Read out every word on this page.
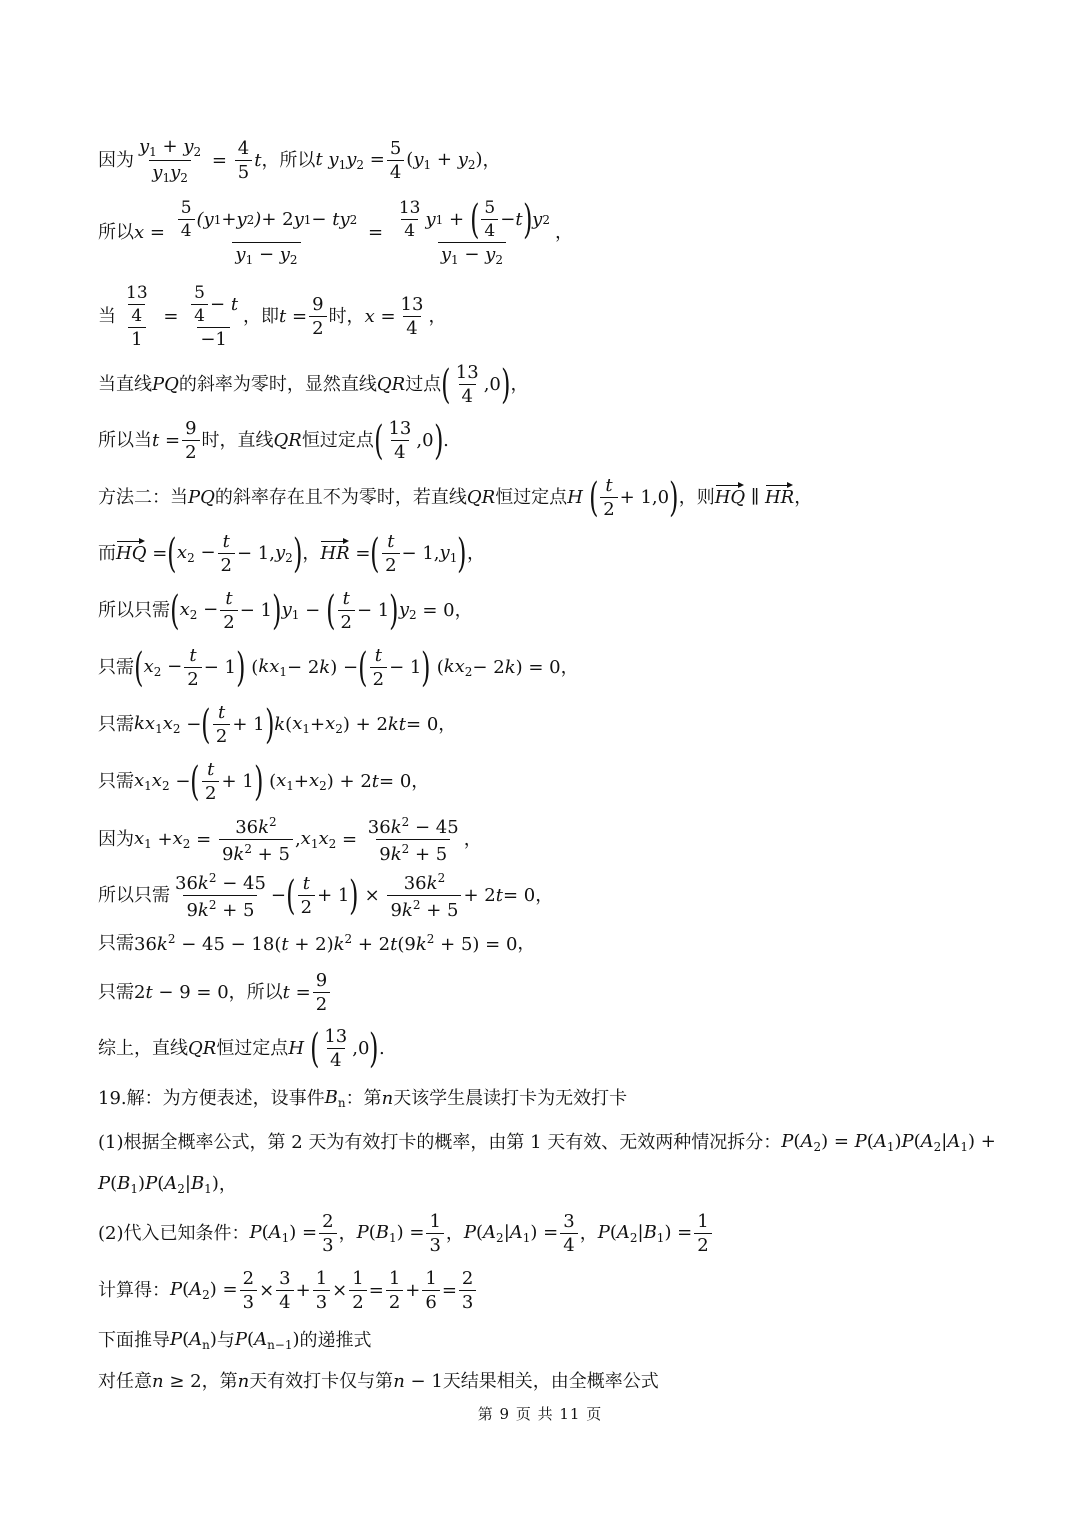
因为 $\frac{y_1 + y_2}{y_1y_2} = \frac{4}{5}$ t ，所以 t $y_1y_2 = \frac{5}{4} (y_1 + y_2)$ ，
所以 $x = \frac{\frac{5}{4} (y 1 + y 2 ) + 2 y 1 - ty 2}{y_1 - y_2} = \frac{\frac{13}{4} y 1 + ( \frac{5}{4} - t ) y 2}{y_1 - y_2}$ ，
当 $\frac{\frac{13}{4}}{1} = \frac{\frac{5}{4} - t}{-1}$ ，即 $t = \frac{9}{2}$ 时， $x = \frac{13}{4}$ ，
当直线 PQ 的斜率为零时，显然直线 QR 过点 ( $\frac{13}{4} ,0$ ) ，
所以当 $t = \frac{9}{2}$ 时，直线 QR 恒过定点 ( $\frac{13}{4} ,0$ ) .
方法二：当 PQ 的斜率存在且不为零时，若直线 QR 恒过定点 H ( $\frac{t}{2} + 1,0$ ) ，则 HQ ∥ HR ，
而 HQ = ( $x_2 - \frac{t}{2} - 1$, $y_2$ ) ， HR = ( $\frac{t}{2} - 1$, $y_1$ ) ，
所以只需 ( $x_2 - \frac{t}{2} - 1$ ) $y_1$ − ( $\frac{t}{2} - 1$ ) $y_2 = 0$ ，
只需 ( $x_2 - \frac{t}{2} - 1$ ) ( $kx_1 - 2$ k ) − ( $\frac{t}{2} - 1$ ) ( $kx_2 - 2$ k ) = 0 ，
只需 $kx_1x_2$ − ( $\frac{t}{2} + 1$ ) k ( $x_1 + x_2$ ) + 2 kt = 0 ，
只需 $x_1x_2$ − ( $\frac{t}{2} + 1$ ) ( $x_1 + x_2$ ) + 2 t = 0 ，
因为 $x_1 + x_2 = \frac{36k^2}{9k^2 + 5}$ , $x_1x_2 = \frac{36k^2 - 45}{9k^2 + 5}$ ，
所以只需 $\frac{36k^2 - 45}{9k^2 + 5}$ − ( $\frac{t}{2} + 1$ ) × $\frac{36k^2}{9k^2 + 5} + 2$ t = 0 ，
只需 $36k^2 - 45 - 18(t + 2)k^2 + 2t(9k^2 + 5) = 0$ ，
只需 2t − 9 = 0 ，所以 $t = \frac{9}{2}$
综上，直线 QR 恒过定点 H ( $\frac{13}{4} ,0$ ) .
19.解：为方便表述，设事件 $B_n$ ：第 n 天该学生晨读打卡为无效打卡
(1)根据全概率公式，第 2 天为有效打卡的概率，由第 1 天有效、无效两种情况拆分： $P(A_2) = P(A_1)P(A_2|A_1)$ +
$P(B_1)P(A_2|B_1)$ ，
(2)代入已知条件： $P(A_1) = \frac{2}{3}$ ， $P(B_1) = \frac{1}{3}$ ， $P(A_2|A_1) = \frac{3}{4}$ ， $P(A_2|B_1) = \frac{1}{2}$
计算得： $P(A_2) = \frac{2}{3} \times \frac{3}{4} + \frac{1}{3} \times \frac{1}{2} = \frac{1}{2} + \frac{1}{6} = \frac{2}{3}$
下面推导 $P(A_n)$ 与 $P(A_{n-1})$ 的递推式
对任意 n ≥ 2 ，第 n 天有效打卡仅与第 n − 1 天结果相关，由全概率公式
第 9 页 共 11 页
